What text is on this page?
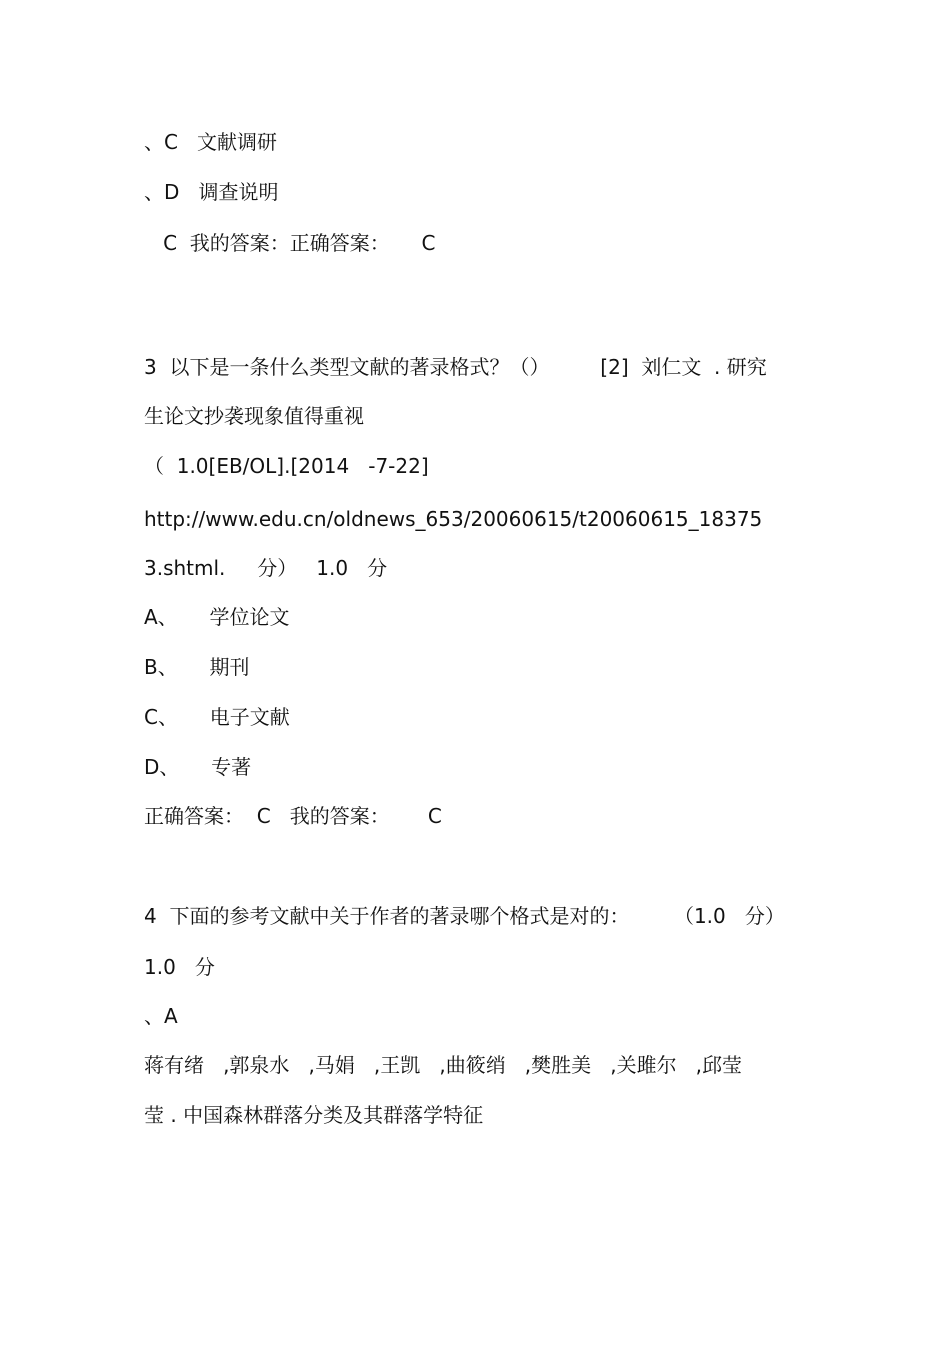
、C   文献调研
、D   调查说明
C  我的答案：正确答案：     C
3  以下是一条什么类型文献的著录格式？（）        [2]  刘仁文  . 研究
生论文抄袭现象值得重视
（  1.0[EB/OL].[2014   -7-22]
http://www.edu.cn/oldnews_653/20060615/t20060615_18375
3.shtml.     分）   1.0   分
A、     学位论文
B、     期刊
C、     电子文献
D、     专著
正确答案：  C   我的答案：      C
4  下面的参考文献中关于作者的著录哪个格式是对的：       （1.0   分）
1.0   分
、A
蒋有绪   ,郭泉水   ,马娟   ,王凯   ,曲筱绡   ,樊胜美   ,关雎尔   ,邱莹
莹 . 中国森林群落分类及其群落学特征
